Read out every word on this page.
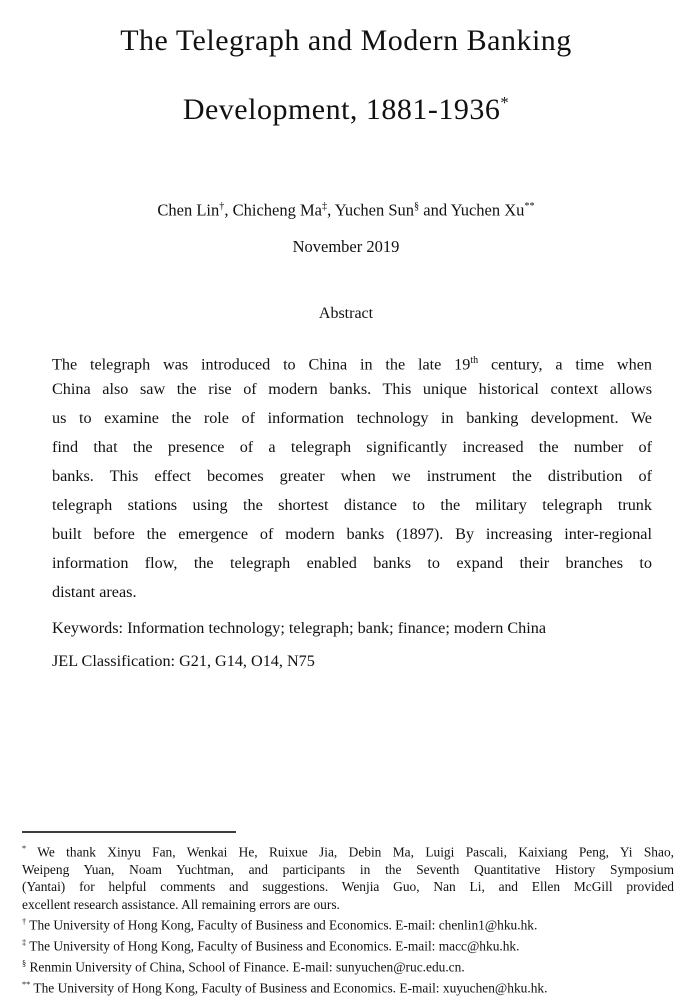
The Telegraph and Modern Banking
Development, 1881-1936*
Chen Lin†, Chicheng Ma‡, Yuchen Sun§ and Yuchen Xu**
November 2019
Abstract
The telegraph was introduced to China in the late 19th century, a time when
China also saw the rise of modern banks. This unique historical context allows
us to examine the role of information technology in banking development. We
find that the presence of a telegraph significantly increased the number of
banks. This effect becomes greater when we instrument the distribution of
telegraph stations using the shortest distance to the military telegraph trunk
built before the emergence of modern banks (1897). By increasing inter-regional
information flow, the telegraph enabled banks to expand their branches to
distant areas.
Keywords: Information technology; telegraph; bank; finance; modern China
JEL Classification: G21, G14, O14, N75
* We thank Xinyu Fan, Wenkai He, Ruixue Jia, Debin Ma, Luigi Pascali, Kaixiang Peng, Yi Shao,
Weipeng Yuan, Noam Yuchtman, and participants in the Seventh Quantitative History Symposium
(Yantai) for helpful comments and suggestions. Wenjia Guo, Nan Li, and Ellen McGill provided
excellent research assistance. All remaining errors are ours.
† The University of Hong Kong, Faculty of Business and Economics. E-mail: chenlin1@hku.hk.
‡ The University of Hong Kong, Faculty of Business and Economics. E-mail: macc@hku.hk.
§ Renmin University of China, School of Finance. E-mail: sunyuchen@ruc.edu.cn.
** The University of Hong Kong, Faculty of Business and Economics. E-mail: xuyuchen@hku.hk.
